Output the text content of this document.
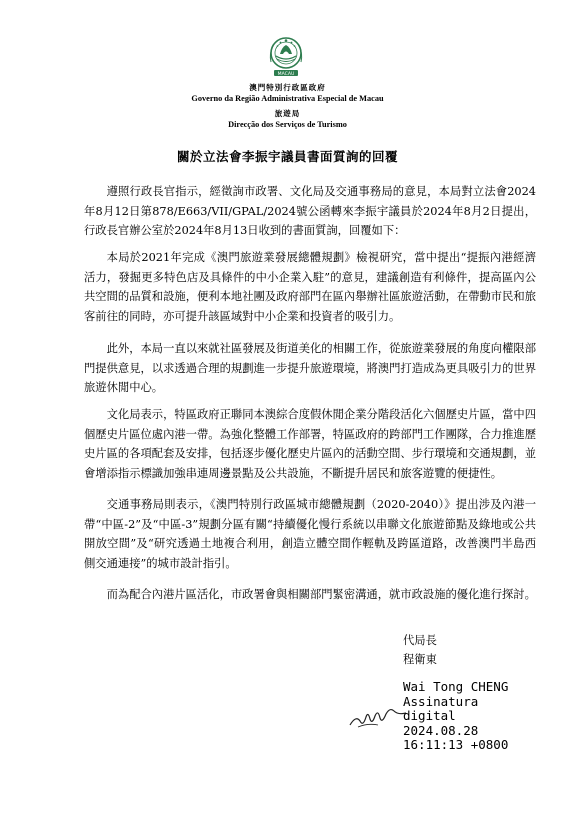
MACAU
澳門特別行政區政府
Governo da Região Administrativa Especial de Macau
旅遊局
Direcção dos Serviços de Turismo
關於立法會李振宇議員書面質詢的回覆

遵照行政長官指示，經徵詢市政署、文化局及交通事務局的意見，本局對立法會2024年8月12日第878/E663/VII/GPAL/2024號公函轉來李振宇議員於2024年8月2日提出，行政長官辦公室於2024年8月13日收到的書面質詢，回覆如下：

本局於2021年完成《澳門旅遊業發展總體規劃》檢視研究，當中提出“提振內港經濟活力，發掘更多特色店及具條件的中小企業入駐”的意見，建議創造有利條件，提高區內公共空間的品質和設施，便利本地社團及政府部門在區內舉辦社區旅遊活動，在帶動市民和旅客前往的同時，亦可提升該區域對中小企業和投資者的吸引力。

此外，本局一直以來就社區發展及街道美化的相關工作，從旅遊業發展的角度向權限部門提供意見，以求透過合理的規劃進一步提升旅遊環境，將澳門打造成為更具吸引力的世界旅遊休閒中心。

文化局表示，特區政府正聯同本澳綜合度假休閒企業分階段活化六個歷史片區，當中四個歷史片區位處內港一帶。為強化整體工作部署，特區政府的跨部門工作團隊，合力推進歷史片區的各項配套及安排，包括逐步優化歷史片區內的活動空間、步行環境和交通規劃，並會增添指示標識加強串連周邊景點及公共設施，不斷提升居民和旅客遊覽的便捷性。

交通事務局則表示，《澳門特別行政區城市總體規劃（2020-2040）》提出涉及內港一帶“中區-2”及“中區-3”規劃分區有關“持續優化慢行系統以串聯文化旅遊節點及綠地或公共開放空間”及“研究透過土地複合利用，創造立體空間作輕軌及跨區道路，改善澳門半島西側交通連接”的城市設計指引。

而為配合內港片區活化，市政署會與相關部門緊密溝通，就市政設施的優化進行探討。

代局長
程衛東
Wai Tong CHENG
Assinatura
digital
2024.08.28
16:11:13 +0800
